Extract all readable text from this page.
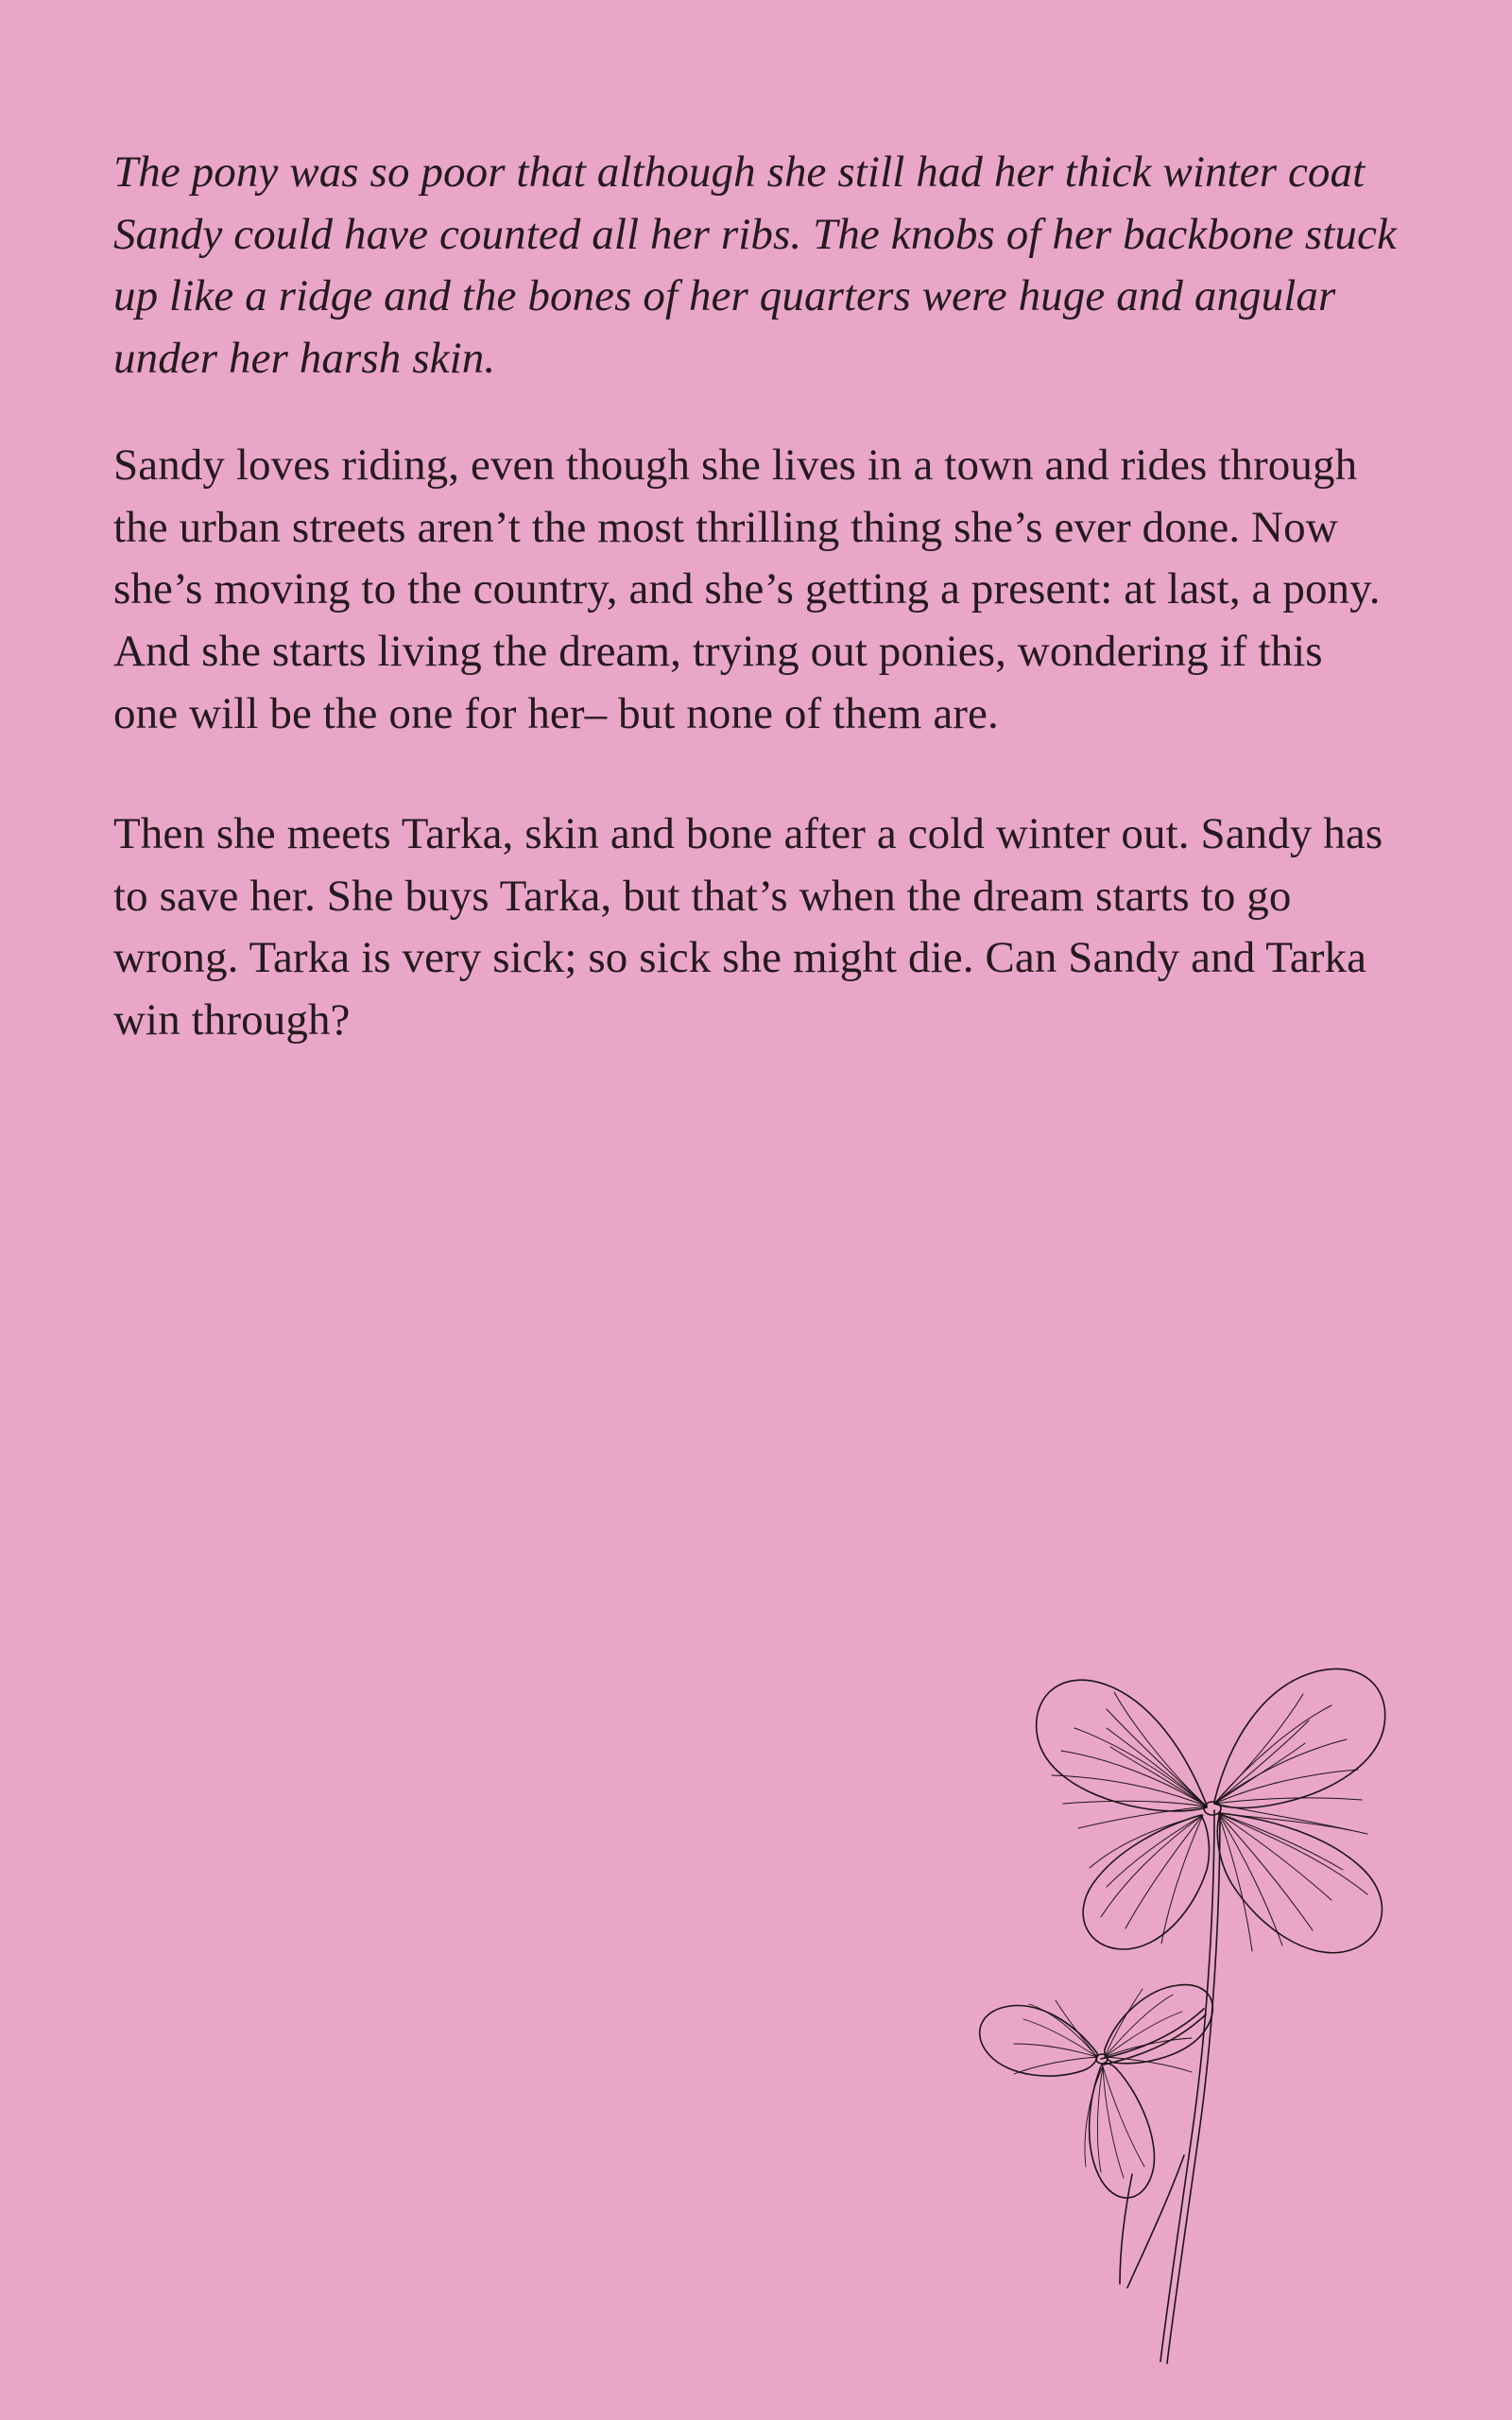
The pony was so poor that although she still had her thick winter coat Sandy could have counted all her ribs. The knobs of her backbone stuck up like a ridge and the bones of her quarters were huge and angular under her harsh skin.

Sandy loves riding, even though she lives in a town and rides through the urban streets aren’t the most thrilling thing she’s ever done. Now she’s moving to the country, and she’s getting a present: at last, a pony. And she starts living the dream, trying out ponies, wondering if this one will be the one for her– but none of them are.

Then she meets Tarka, skin and bone after a cold winter out. Sandy has to save her. She buys Tarka, but that’s when the dream starts to go wrong. Tarka is very sick; so sick she might die. Can Sandy and Tarka win through?
